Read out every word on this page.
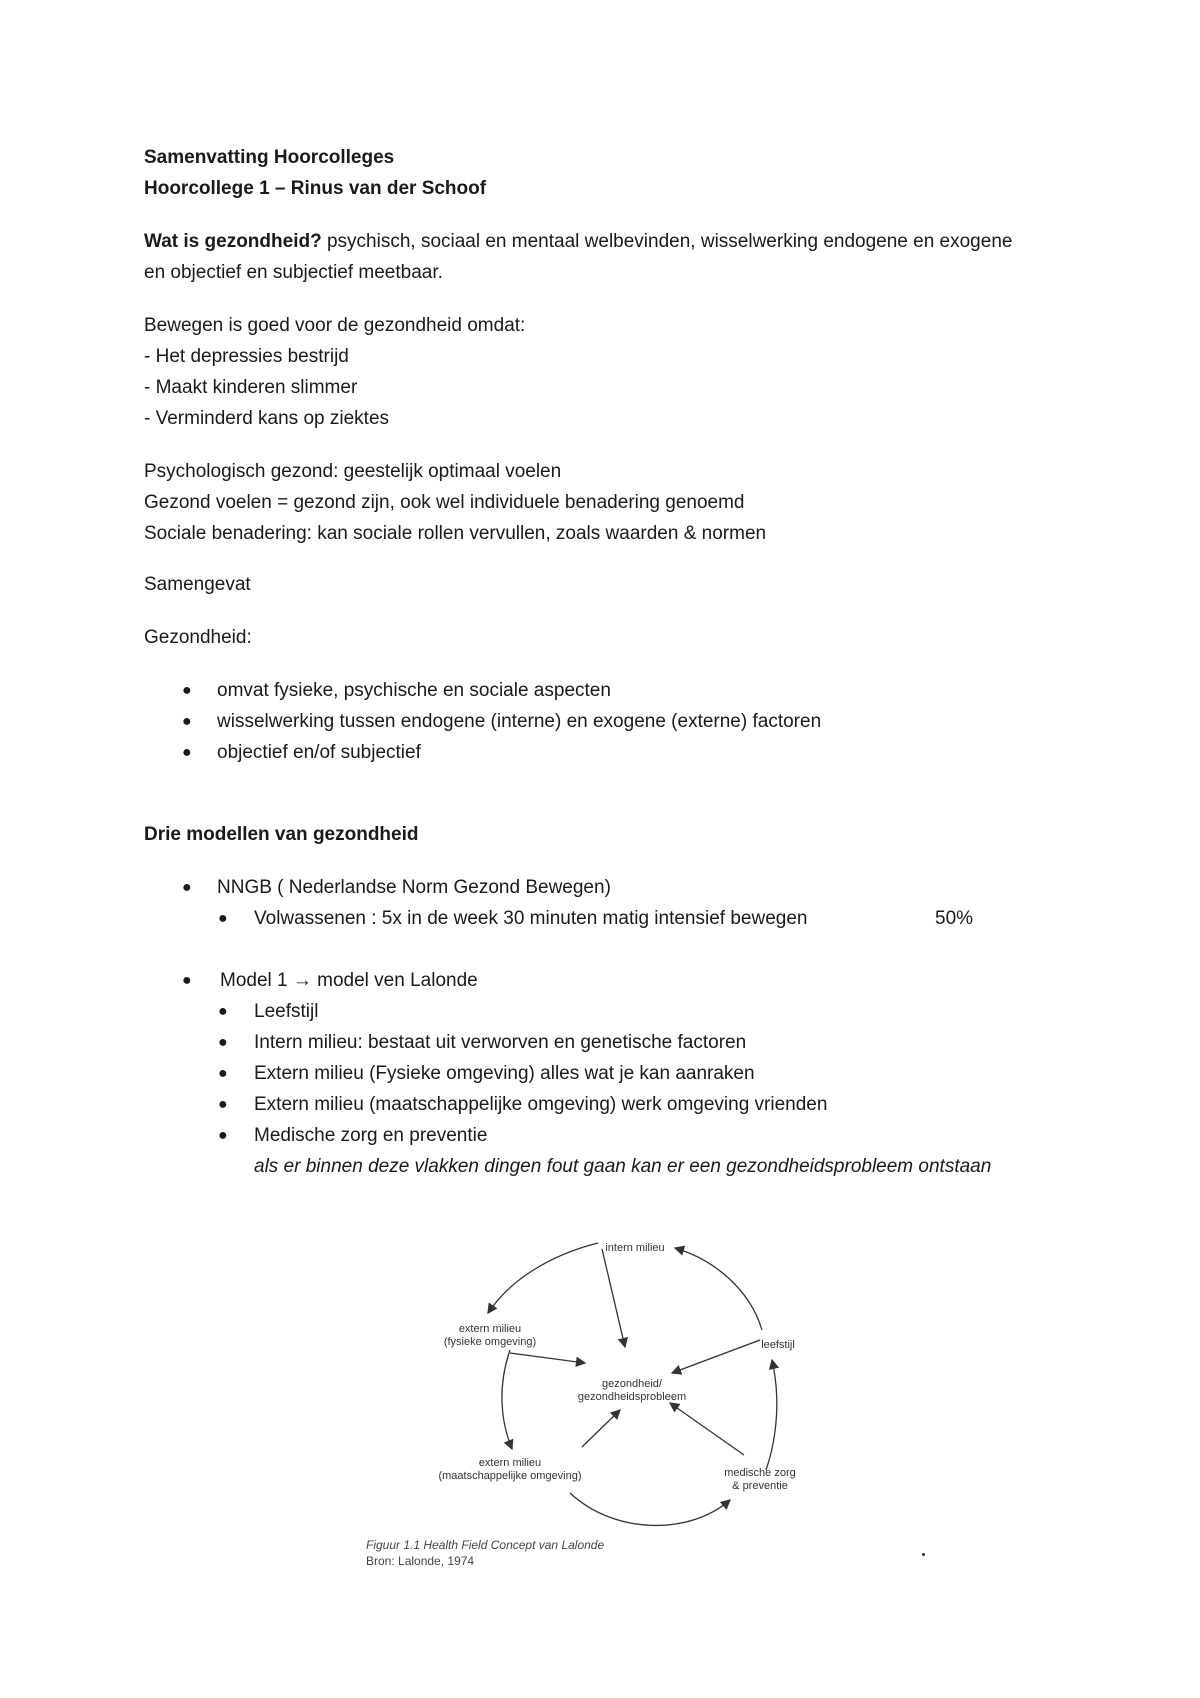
Samenvatting Hoorcolleges
Hoorcollege 1 – Rinus van der Schoof
Wat is gezondheid? psychisch, sociaal en mentaal welbevinden, wisselwerking endogene en exogene
en objectief en subjectief meetbaar.
Bewegen is goed voor de gezondheid omdat:
- Het depressies bestrijd
- Maakt kinderen slimmer
- Verminderd kans op ziektes
Psychologisch gezond: geestelijk optimaal voelen
Gezond voelen = gezond zijn, ook wel individuele benadering genoemd
Sociale benadering: kan sociale rollen vervullen, zoals waarden & normen
Samengevat
Gezondheid:
● omvat fysieke, psychische en sociale aspecten
● wisselwerking tussen endogene (interne) en exogene (externe) factoren
● objectief en/of subjectief
Drie modellen van gezondheid
● NNGB ( Nederlandse Norm Gezond Bewegen)
● Volwassenen : 5x in de week 30 minuten matig intensief bewegen	50%
● Model 1 → model ven Lalonde
● Leefstijl
● Intern milieu: bestaat uit verworven en genetische factoren
● Extern milieu (Fysieke omgeving) alles wat je kan aanraken
● Extern milieu (maatschappelijke omgeving) werk omgeving vrienden
● Medische zorg en preventie
als er binnen deze vlakken dingen fout gaan kan er een gezondheidsprobleem ontstaan
intern milieu
extern milieu
(fysieke omgeving)	leefstijl
gezondheid/
gezondheidsprobleem
extern milieu
(maatschappelijke omgeving)	medische zorg
& preventie
Figuur 1.1 Health Field Concept van Lalonde
Bron: Lalonde, 1974
